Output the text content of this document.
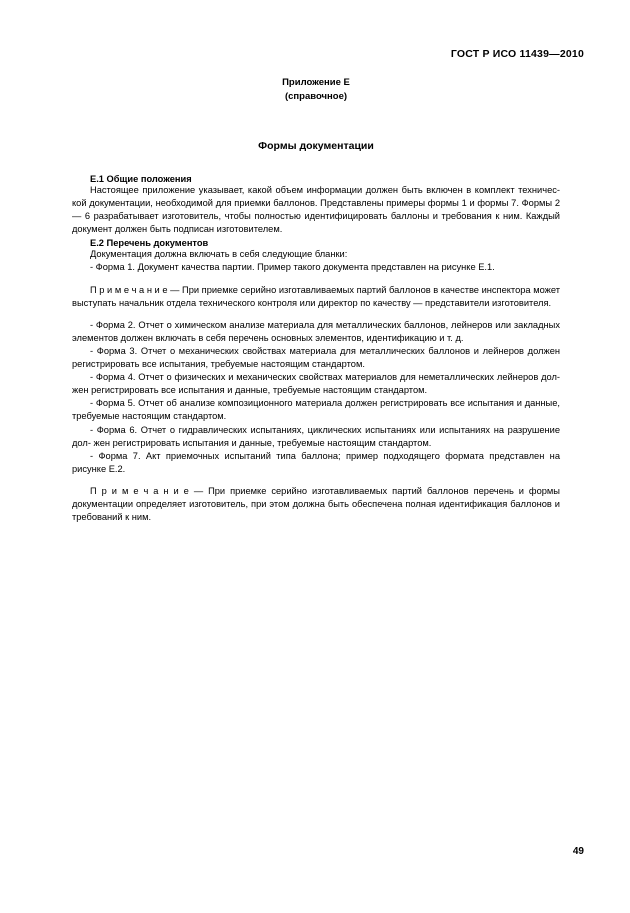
ГОСТ Р ИСО 11439—2010
Приложение Е
(справочное)
Формы документации
Е.1 Общие положения

Настоящее приложение указывает, какой объем информации должен быть включен в комплект техничес- кой документации, необходимой для приемки баллонов. Представлены примеры формы 1 и формы 7. Формы 2 — 6 разрабатывает изготовитель, чтобы полностью идентифицировать баллоны и требования к ним. Каждый документ должен быть подписан изготовителем.

Е.2 Перечень документов

Документация должна включать в себя следующие бланки:

- Форма 1. Документ качества партии. Пример такого документа представлен на рисунке Е.1.

П р и м е ч а н и е — При приемке серийно изготавливаемых партий баллонов в качестве инспектора может выступать начальник отдела технического контроля или директор по качеству — представители изготовителя.

- Форма 2. Отчет о химическом анализе материала для металлических баллонов, лейнеров или закладных элементов должен включать в себя перечень основных элементов, идентификацию и т. д.

- Форма 3. Отчет о механических свойствах материала для металлических баллонов и лейнеров должен регистрировать все испытания, требуемые настоящим стандартом.

- Форма 4. Отчет о физических и механических свойствах материалов для неметаллических лейнеров дол- жен регистрировать все испытания и данные, требуемые настоящим стандартом.

- Форма 5. Отчет об анализе композиционного материала должен регистрировать все испытания и данные, требуемые настоящим стандартом.

- Форма 6. Отчет о гидравлических испытаниях, циклических испытаниях или испытаниях на разрушение дол- жен регистрировать испытания и данные, требуемые настоящим стандартом.

- Форма 7. Акт приемочных испытаний типа баллона; пример подходящего формата представлен на рисунке Е.2.

П р и м е ч а н и е — При приемке серийно изготавливаемых партий баллонов перечень и формы документации определяет изготовитель, при этом должна быть обеспечена полная идентификация баллонов и требований к ним.

49
